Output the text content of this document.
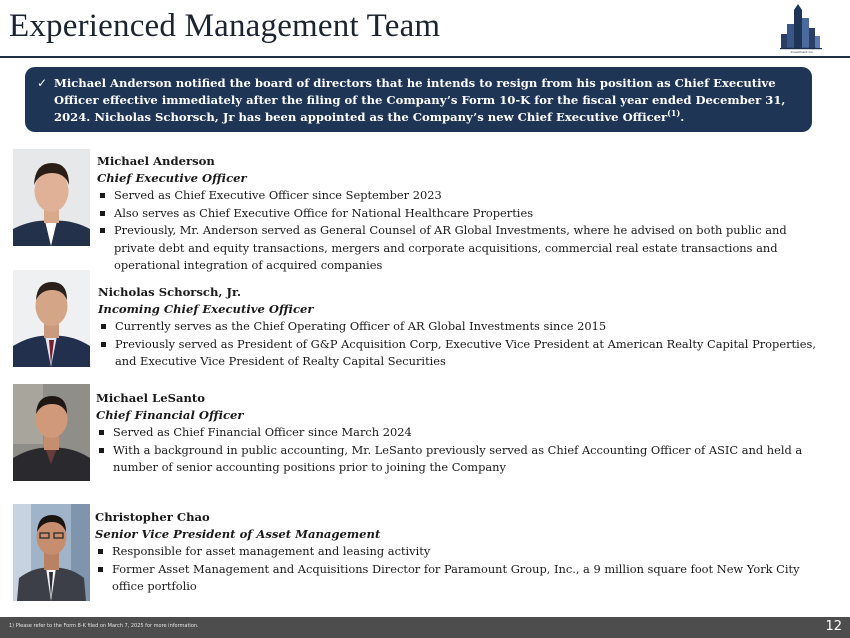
Experienced Management Team
American Strategic Investment Co.
✓ Michael Anderson notified the board of directors that he intends to resign from his position as Chief Executive Officer effective immediately after the filing of the Company’s Form 10-K for the fiscal year ended December 31, 2024. Nicholas Schorsch, Jr has been appointed as the Company’s new Chief Executive Officer$^{(1)}$.
Michael Anderson
Chief Executive Officer
Served as Chief Executive Officer since September 2023
Also serves as Chief Executive Office for National Healthcare Properties
Previously, Mr. Anderson served as General Counsel of AR Global Investments, where he advised on both public and private debt and equity transactions, mergers and corporate acquisitions, commercial real estate transactions and operational integration of acquired companies
Nicholas Schorsch, Jr.
Incoming Chief Executive Officer
Currently serves as the Chief Operating Officer of AR Global Investments since 2015
Previously served as President of G&P Acquisition Corp, Executive Vice President at American Realty Capital Properties, and Executive Vice President of Realty Capital Securities
Michael LeSanto
Chief Financial Officer
Served as Chief Financial Officer since March 2024
With a background in public accounting, Mr. LeSanto previously served as Chief Accounting Officer of ASIC and held a number of senior accounting positions prior to joining the Company
Christopher Chao
Senior Vice President of Asset Management
Responsible for asset management and leasing activity
Former Asset Management and Acquisitions Director for Paramount Group, Inc., a 9 million square foot New York City office portfolio
1) Please refer to the Form 8-K filed on March 7, 2025 for more information.	12
